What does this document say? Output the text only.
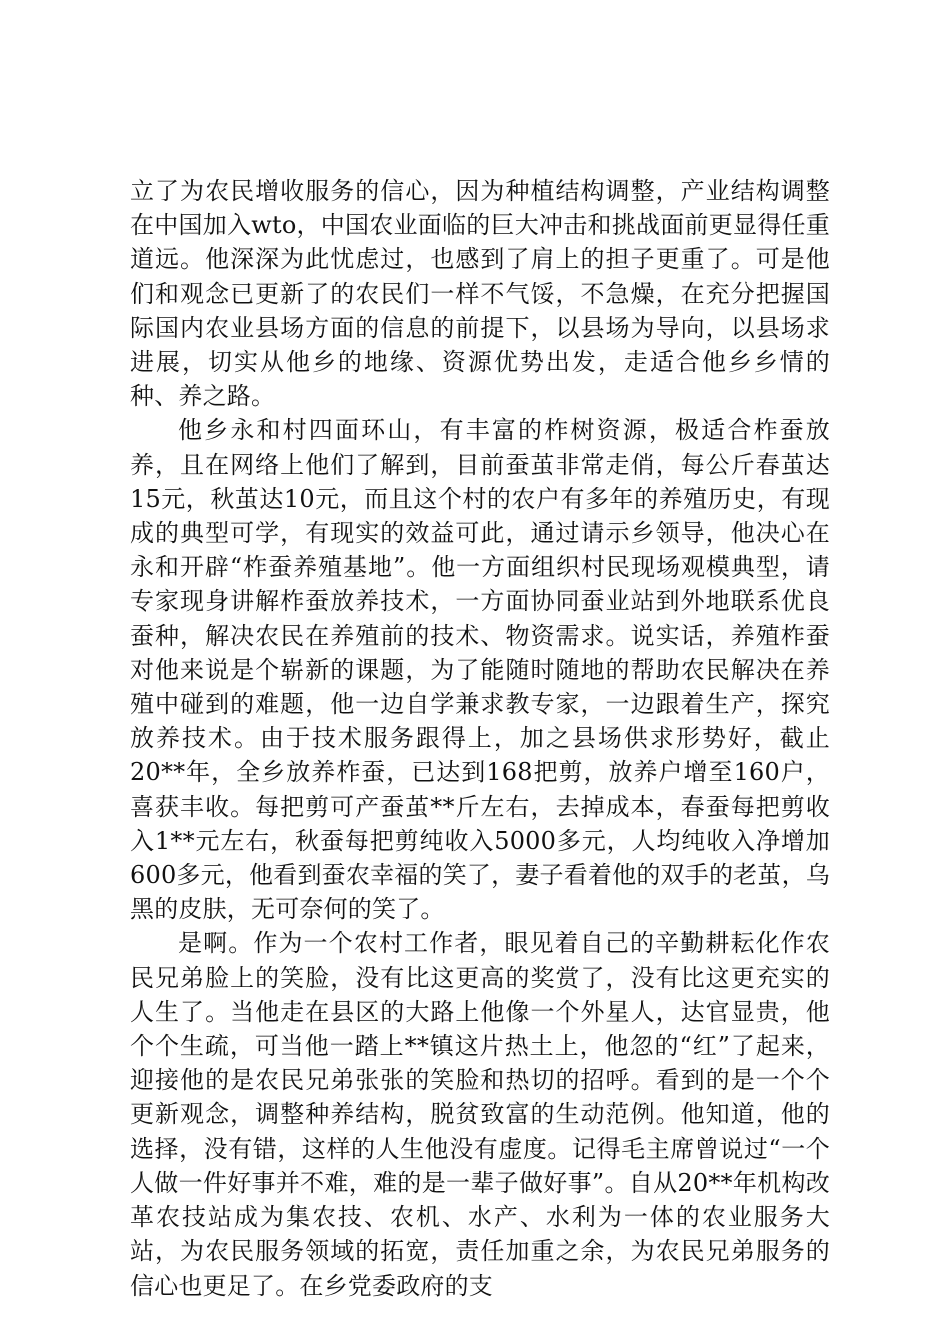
立了为农民增收服务的信心，因为种植结构调整，产业结构调整在中国加入wto，中国农业面临的巨大冲击和挑战面前更显得任重道远。他深深为此忧虑过，也感到了肩上的担子更重了。可是他们和观念已更新了的农民们一样不气馁，不急燥，在充分把握国际国内农业县场方面的信息的前提下，以县场为导向，以县场求进展，切实从他乡的地缘、资源优势出发，走适合他乡乡情的种、养之路。

他乡永和村四面环山，有丰富的柞树资源，极适合柞蚕放养，且在网络上他们了解到，目前蚕茧非常走俏，每公斤春茧达15元，秋茧达10元，而且这个村的农户有多年的养殖历史，有现成的典型可学，有现实的效益可此，通过请示乡领导，他决心在永和开辟“柞蚕养殖基地”。他一方面组织村民现场观模典型，请专家现身讲解柞蚕放养技术，一方面协同蚕业站到外地联系优良蚕种，解决农民在养殖前的技术、物资需求。说实话，养殖柞蚕对他来说是个崭新的课题，为了能随时随地的帮助农民解决在养殖中碰到的难题，他一边自学兼求教专家，一边跟着生产，探究放养技术。由于技术服务跟得上，加之县场供求形势好，截止20**年，全乡放养柞蚕，已达到168把剪，放养户增至160户，喜获丰收。每把剪可产蚕茧**斤左右，去掉成本，春蚕每把剪收入1**元左右，秋蚕每把剪纯收入5000多元，人均纯收入净增加600多元，他看到蚕农幸福的笑了，妻子看着他的双手的老茧，乌黑的皮肤，无可奈何的笑了。

是啊。作为一个农村工作者，眼见着自己的辛勤耕耘化作农民兄弟脸上的笑脸，没有比这更高的奖赏了，没有比这更充实的人生了。当他走在县区的大路上他像一个外星人，达官显贵，他个个生疏，可当他一踏上**镇这片热土上，他忽的“红”了起来，迎接他的是农民兄弟张张的笑脸和热切的招呼。看到的是一个个更新观念，调整种养结构，脱贫致富的生动范例。他知道，他的选择，没有错，这样的人生他没有虚度。记得毛主席曾说过“一个人做一件好事并不难，难的是一辈子做好事”。自从20**年机构改革农技站成为集农技、农机、水产、水利为一体的农业服务大站，为农民服务领域的拓宽，责任加重之余，为农民兄弟服务的信心也更足了。在乡党委政府的支
